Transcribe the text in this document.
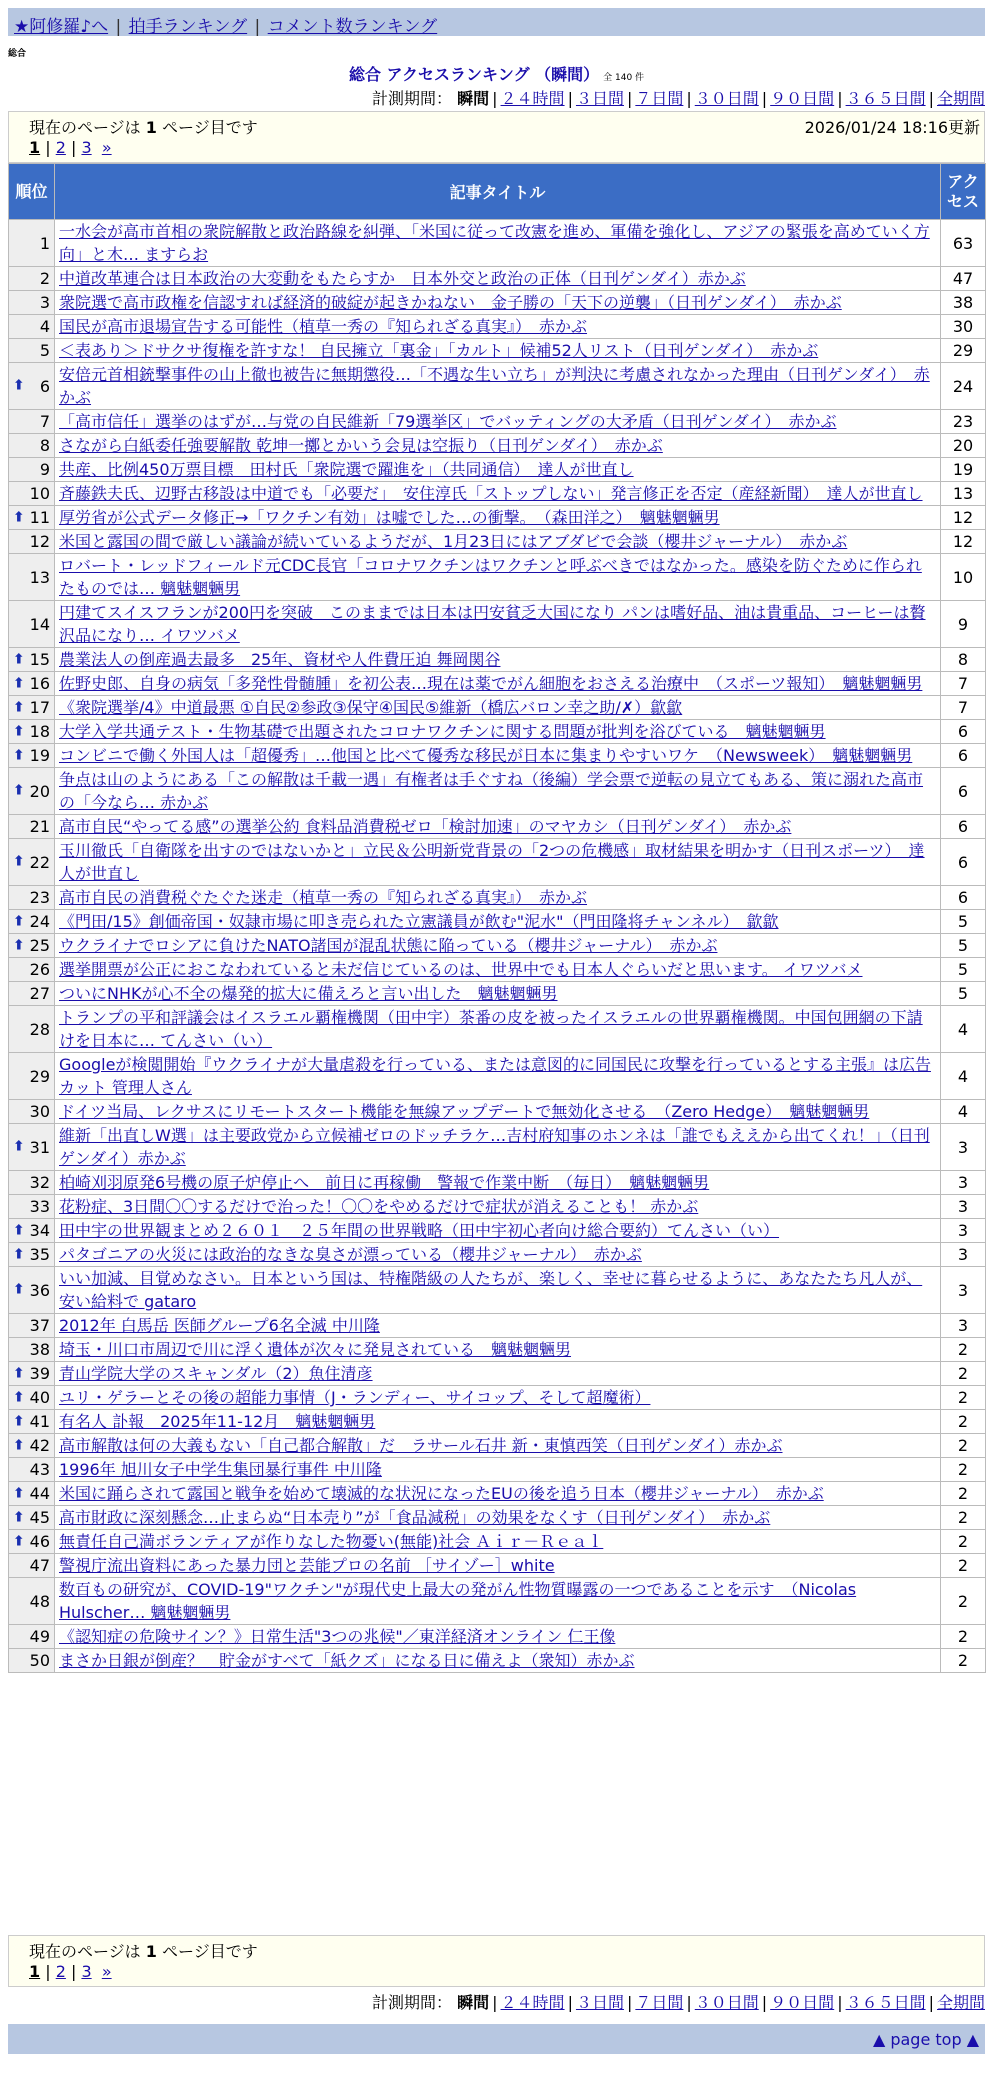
★阿修羅♪へ | 拍手ランキング | コメント数ランキング
総合
総合 アクセスランキング （瞬間） 全 140 件
計測期間： 瞬間 | ２４時間 | ３日間 | ７日間 | ３０日間 | ９０日間 | ３６５日間 | 全期間
現在のページは 1 ページ目です	2026/01/24 18:16更新
1 | 2 | 3 »
順位	記事タイトル	アクセス
1	一水会が高市首相の衆院解散と政治路線を糾弾、「米国に従って改憲を進め、軍備を強化し、アジアの緊張を高めていく方向」と木… ますらお	63
2	中道改革連合は日本政治の大変動をもたらすか　日本外交と政治の正体（日刊ゲンダイ）赤かぶ	47
3	衆院選で高市政権を信認すれば経済的破綻が起きかねない　金子勝の「天下の逆襲」（日刊ゲンダイ）　赤かぶ	38
4	国民が高市退場宣告する可能性（植草一秀の『知られざる真実』）　赤かぶ	30
5	＜表あり＞ドサクサ復権を許すな！ 自民擁立「裏金」「カルト」候補52人リスト（日刊ゲンダイ）　赤かぶ	29

⬆ 6	安倍元首相銃撃事件の山上徹也被告に無期懲役…「不遇な生い立ち」が判決に考慮されなかった理由（日刊ゲンダイ）　赤かぶ	24
7	「高市信任」選挙のはずが…与党の自民維新「79選挙区」でバッティングの大矛盾（日刊ゲンダイ）　赤かぶ	23
8	さながら白紙委任強要解散 乾坤一擲とかいう会見は空振り（日刊ゲンダイ）　赤かぶ	20
9	共産、比例450万票目標　田村氏「衆院選で躍進を」（共同通信）　達人が世直し	19
10	斉藤鉄夫氏、辺野古移設は中道でも「必要だ」　安住淳氏「ストップしない」発言修正を否定（産経新聞）　達人が世直し	13

⬆ 11	厚労省が公式データ修正→「ワクチン有効」は嘘でした…の衝撃。　（森田洋之）　魑魅魍魎男	12
12	米国と露国の間で厳しい議論が続いているようだが、1月23日にはアブダビで会談（櫻井ジャーナル）　赤かぶ	12
13	ロバート・レッドフィールド元CDC長官「コロナワクチンはワクチンと呼ぶべきではなかった。感染を防ぐために作られたものでは… 魑魅魍魎男	10
14	円建てスイスフランが200円を突破　このままでは日本は円安貧乏大国になり パンは嗜好品、油は貴重品、コーヒーは贅沢品になり… イワツバメ	9

⬆ 15	農業法人の倒産過去最多　25年、資材や人件費圧迫 舞岡関谷	8

⬆ 16	佐野史郎、自身の病気「多発性骨髄腫」を初公表…現在は薬でがん細胞をおさえる治療中　（スポーツ報知）　魑魅魍魎男	7

⬆ 17	《衆院選挙/4》中道最悪 ①自民②参政③保守④国民⑤維新（橋広バロン幸之助/✗）歙歙	7

⬆ 18	大学入学共通テスト・生物基礎で出題されたコロナワクチンに関する問題が批判を浴びている　魑魅魍魎男	6

⬆ 19	コンビニで働く外国人は「超優秀」…他国と比べて優秀な移民が日本に集まりやすいワケ　（Newsweek）　魑魅魍魎男	6

⬆ 20	争点は山のようにある「この解散は千載一遇」有権者は手ぐすね（後編）学会票で逆転の見立てもある、策に溺れた高市の「今なら… 赤かぶ	6
21	高市自民“やってる感”の選挙公約 食料品消費税ゼロ「検討加速」のマヤカシ（日刊ゲンダイ）　赤かぶ	6

⬆ 22	玉川徹氏「自衛隊を出すのではないかと」立民＆公明新党背景の「2つの危機感」取材結果を明かす（日刊スポーツ）　達人が世直し	6
23	高市自民の消費税ぐたぐた迷走（植草一秀の『知られざる真実』）　赤かぶ	6

⬆ 24	《門田/15》創価帝国・奴隷市場に叩き売られた立憲議員が飲む"泥水"（門田隆将チャンネル）　歙歙	5

⬆ 25	ウクライナでロシアに負けたNATO諸国が混乱状態に陥っている（櫻井ジャーナル）　赤かぶ	5
26	選挙開票が公正におこなわれていると未だ信じているのは、世界中でも日本人ぐらいだと思います。 イワツバメ	5
27	ついにNHKが心不全の爆発的拡大に備えろと言い出した　魑魅魍魎男	5
28	トランプの平和評議会はイスラエル覇権機関（田中宇）茶番の皮を被ったイスラエルの世界覇権機関。中国包囲網の下請けを日本に… てんさい（い）	4
29	Googleが検閲開始『ウクライナが大量虐殺を行っている、または意図的に同国民に攻撃を行っているとする主張』は広告カット 管理人さん	4
30	ドイツ当局、レクサスにリモートスタート機能を無線アップデートで無効化させる　（Zero Hedge）　魑魅魍魎男	4

⬆ 31	維新「出直しW選」は主要政党から立候補ゼロのドッチラケ…吉村府知事のホンネは「誰でもええから出てくれ！」（日刊ゲンダイ）赤かぶ	3
32	柏崎刈羽原発6号機の原子炉停止へ　前日に再稼働　警報で作業中断　（毎日）　魑魅魍魎男	3
33	花粉症、3日間〇〇するだけで治った！〇〇をやめるだけで症状が消えることも！ 赤かぶ	3

⬆ 34	田中宇の世界観まとめ２６０１　２５年間の世界戦略（田中宇初心者向け総合要約）てんさい（い）	3

⬆ 35	パタゴニアの火災には政治的なきな臭さが漂っている（櫻井ジャーナル）　赤かぶ	3

⬆ 36	いい加減、目覚めなさい。日本という国は、特権階級の人たちが、楽しく、幸せに暮らせるように、あなたたち凡人が、安い給料で gataro	3
37	2012年 白馬岳 医師グループ6名全滅 中川隆	3
38	埼玉・川口市周辺で川に浮く遺体が次々に発見されている　魑魅魍魎男	2

⬆ 39	青山学院大学のスキャンダル（2）魚住清彦	2

⬆ 40	ユリ・ゲラーとその後の超能力事情（J・ランディー、サイコップ、そして超魔術）	2

⬆ 41	有名人 訃報　2025年11-12月　魑魅魍魎男	2

⬆ 42	高市解散は何の大義もない「自己都合解散」だ　ラサール石井 新・東慎西笑（日刊ゲンダイ）赤かぶ	2
43	1996年 旭川女子中学生集団暴行事件 中川隆	2

⬆ 44	米国に踊らされて露国と戦争を始めて壊滅的な状況になったEUの後を追う日本（櫻井ジャーナル）　赤かぶ	2

⬆ 45	高市財政に深刻懸念…止まらぬ“日本売り”が「食品減税」の効果をなくす（日刊ゲンダイ）　赤かぶ	2

⬆ 46	無責任自己満ボランティアが作りなした物憂い(無能)社会 Ａｉｒ－Ｒｅａｌ	2
47	警視庁流出資料にあった暴力団と芸能プロの名前 ［サイゾー］white	2
48	数百もの研究が、COVID-19"ワクチン"が現代史上最大の発がん性物質曝露の一つであることを示す　（Nicolas Hulscher… 魑魅魍魎男	2
49	《認知症の危険サイン？》日常生活"3つの兆候"／東洋経済オンライン 仁王像	2
50	まさか日銀が倒産？　貯金がすべて「紙クズ」になる日に備えよ（衆知）赤かぶ	2
現在のページは 1 ページ目です
1 | 2 | 3 »
計測期間： 瞬間 | ２４時間 | ３日間 | ７日間 | ３０日間 | ９０日間 | ３６５日間 | 全期間
▲ page top ▲
